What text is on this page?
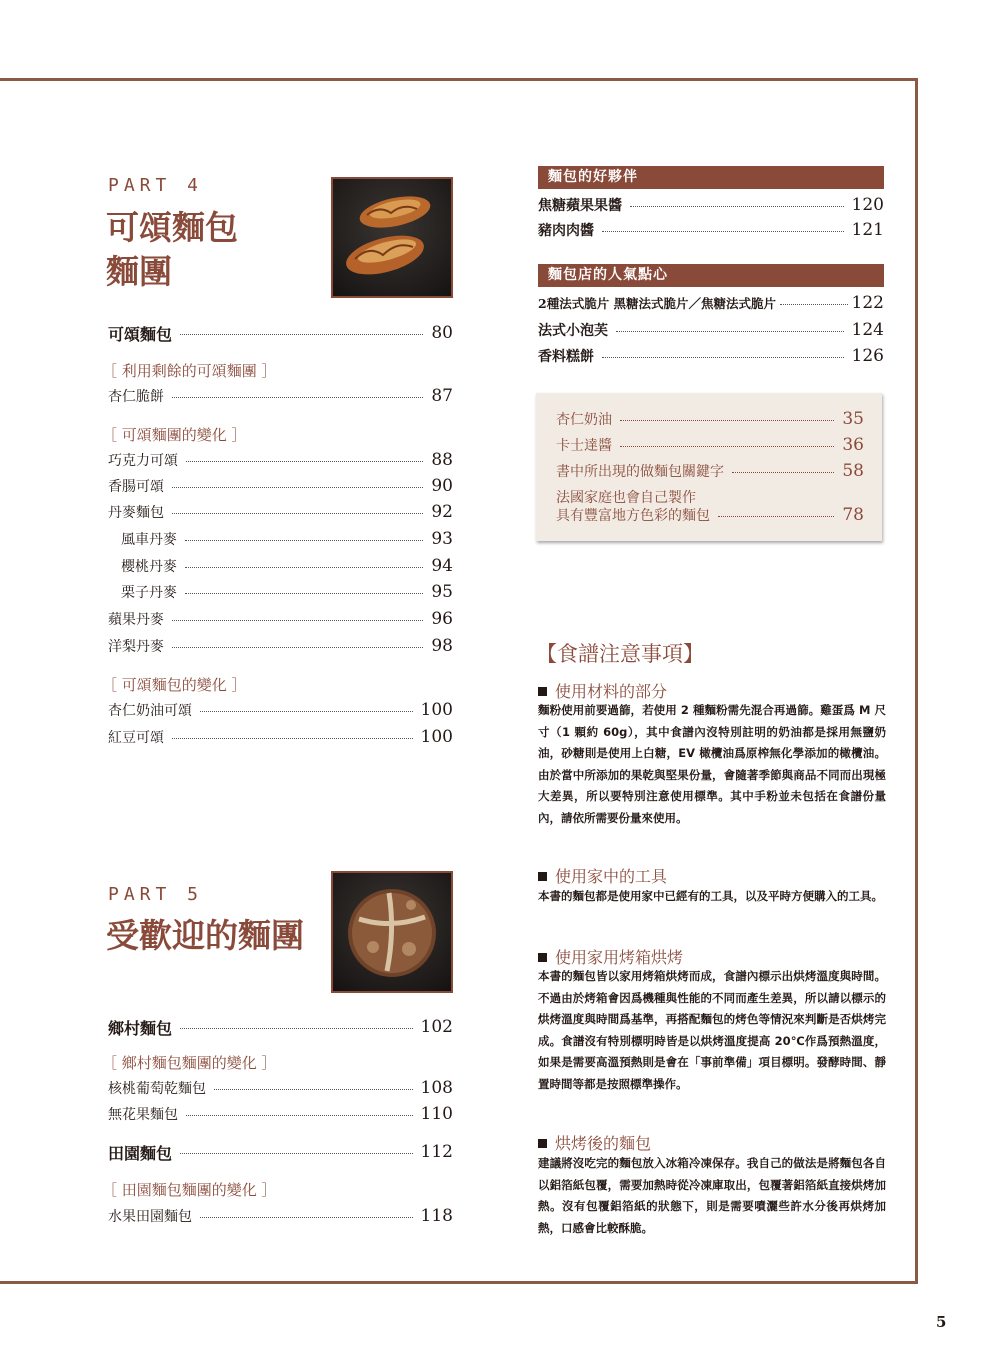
PART 4
可頌麵包
麵團
可頌麵包	80
［ 利用剩餘的可頌麵團 ］
杏仁脆餅	87
［ 可頌麵團的變化 ］
巧克力可頌	88
香腸可頌	90
丹麥麵包	92
風車丹麥	93
櫻桃丹麥	94
栗子丹麥	95
蘋果丹麥	96
洋梨丹麥	98
［ 可頌麵包的變化 ］
杏仁奶油可頌	100
紅豆可頌	100
PART 5
受歡迎的麵團
鄉村麵包	102
［ 鄉村麵包麵團的變化 ］
核桃葡萄乾麵包	108
無花果麵包	110
田園麵包	112
［ 田園麵包麵團的變化 ］
水果田園麵包	118
麵包的好夥伴
焦糖蘋果果醬	120
豬肉肉醬	121
麵包店的人氣點心
2種法式脆片 黑糖法式脆片／焦糖法式脆片	122
法式小泡芙	124
香料糕餅	126
杏仁奶油	35
卡士達醬	36
書中所出現的做麵包關鍵字	58
法國家庭也會自己製作
具有豐富地方色彩的麵包	78
【食譜注意事項】
使用材料的部分
麵粉使用前要過篩，若使用 2 種麵粉需先混合再過篩。雞蛋爲 M 尺寸（1 顆約 60g），其中食譜內沒特別註明的奶油都是採用無鹽奶油，砂糖則是使用上白糖，EV 橄欖油爲原榨無化學添加的橄欖油。由於當中所添加的果乾與堅果份量，會隨著季節與商品不同而出現極大差異，所以要特別注意使用標準。其中手粉並未包括在食譜份量內，請依所需要份量來使用。
使用家中的工具
本書的麵包都是使用家中已經有的工具，以及平時方便購入的工具。
使用家用烤箱烘烤
本書的麵包皆以家用烤箱烘烤而成，食譜內標示出烘烤溫度與時間。不過由於烤箱會因爲機種與性能的不同而產生差異，所以請以標示的烘烤溫度與時間爲基準，再搭配麵包的烤色等情況來判斷是否烘烤完成。食譜沒有特別標明時皆是以烘烤溫度提高 20℃作爲預熱溫度，如果是需要高溫預熱則是會在「事前準備」項目標明。發酵時間、靜置時間等都是按照標準操作。
烘烤後的麵包
建議將沒吃完的麵包放入冰箱冷凍保存。我自己的做法是將麵包各自以鋁箔紙包覆，需要加熱時從冷凍庫取出，包覆著鋁箔紙直接烘烤加熱。沒有包覆鋁箔紙的狀態下，則是需要噴灑些許水分後再烘烤加熱，口感會比較酥脆。
5
